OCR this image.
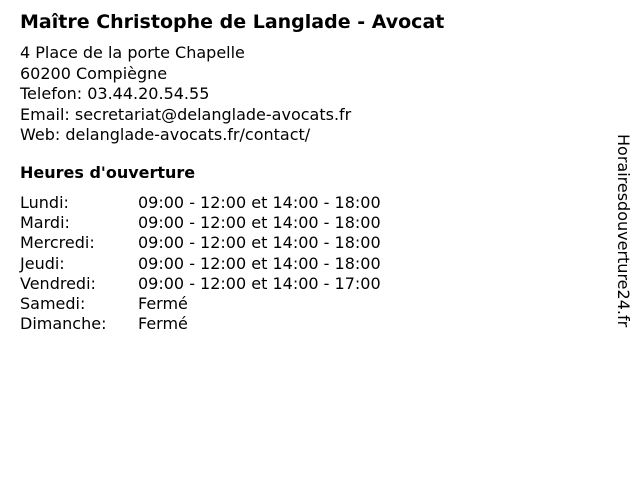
Maître Christophe de Langlade - Avocat
4 Place de la porte Chapelle
60200 Compiègne
Telefon: 03.44.20.54.55
Email: secretariat@delanglade-avocats.fr
Web: delanglade-avocats.fr/contact/
Heures d'ouverture
Lundi:	09:00 - 12:00 et 14:00 - 18:00
Mardi:	09:00 - 12:00 et 14:00 - 18:00
Mercredi:	09:00 - 12:00 et 14:00 - 18:00
Jeudi:	09:00 - 12:00 et 14:00 - 18:00
Vendredi:	09:00 - 12:00 et 14:00 - 17:00
Samedi:	Fermé
Dimanche:	Fermé	Horairesdouverture24.fr
